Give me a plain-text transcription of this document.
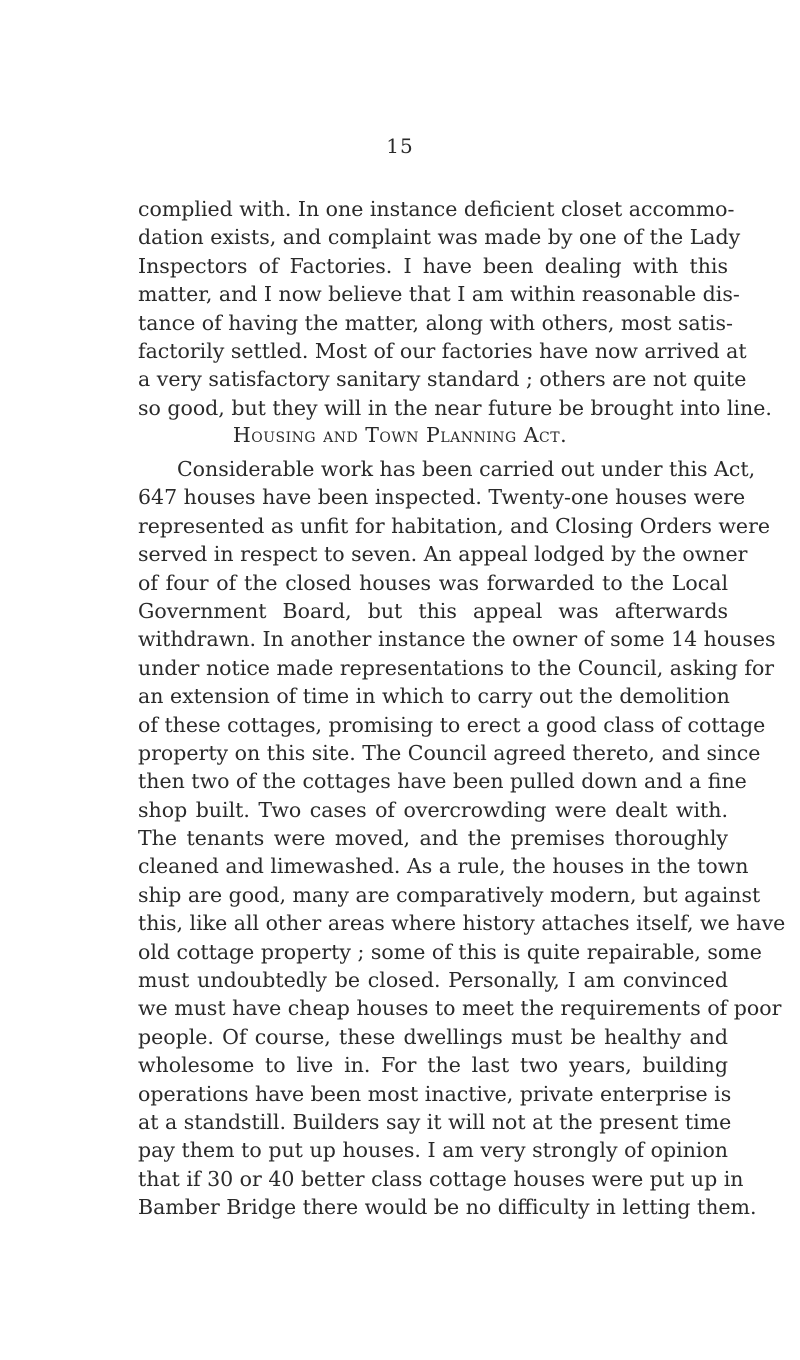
15
complied with. In one instance deficient closet accommo-
dation exists, and complaint was made by one of the Lady
Inspectors of Factories. I have been dealing with this
matter, and I now believe that I am within reasonable dis-
tance of having the matter, along with others, most satis-
factorily settled. Most of our factories have now arrived at
a very satisfactory sanitary standard ; others are not quite
so good, but they will in the near future be brought into line.
Housing and Town Planning Act.
Considerable work has been carried out under this Act,
647 houses have been inspected. Twenty-one houses were
represented as unfit for habitation, and Closing Orders were
served in respect to seven. An appeal lodged by the owner
of four of the closed houses was forwarded to the Local
Government Board, but this appeal was afterwards
withdrawn. In another instance the owner of some 14 houses
under notice made representations to the Council, asking for
an extension of time in which to carry out the demolition
of these cottages, promising to erect a good class of cottage
property on this site. The Council agreed thereto, and since
then two of the cottages have been pulled down and a fine
shop built. Two cases of overcrowding were dealt with.
The tenants were moved, and the premises thoroughly
cleaned and limewashed. As a rule, the houses in the town
ship are good, many are comparatively modern, but against
this, like all other areas where history attaches itself, we have
old cottage property ; some of this is quite repairable, some
must undoubtedly be closed. Personally, I am convinced
we must have cheap houses to meet the requirements of poor
people. Of course, these dwellings must be healthy and
wholesome to live in. For the last two years, building
operations have been most inactive, private enterprise is
at a standstill. Builders say it will not at the present time
pay them to put up houses. I am very strongly of opinion
that if 30 or 40 better class cottage houses were put up in
Bamber Bridge there would be no difficulty in letting them.
